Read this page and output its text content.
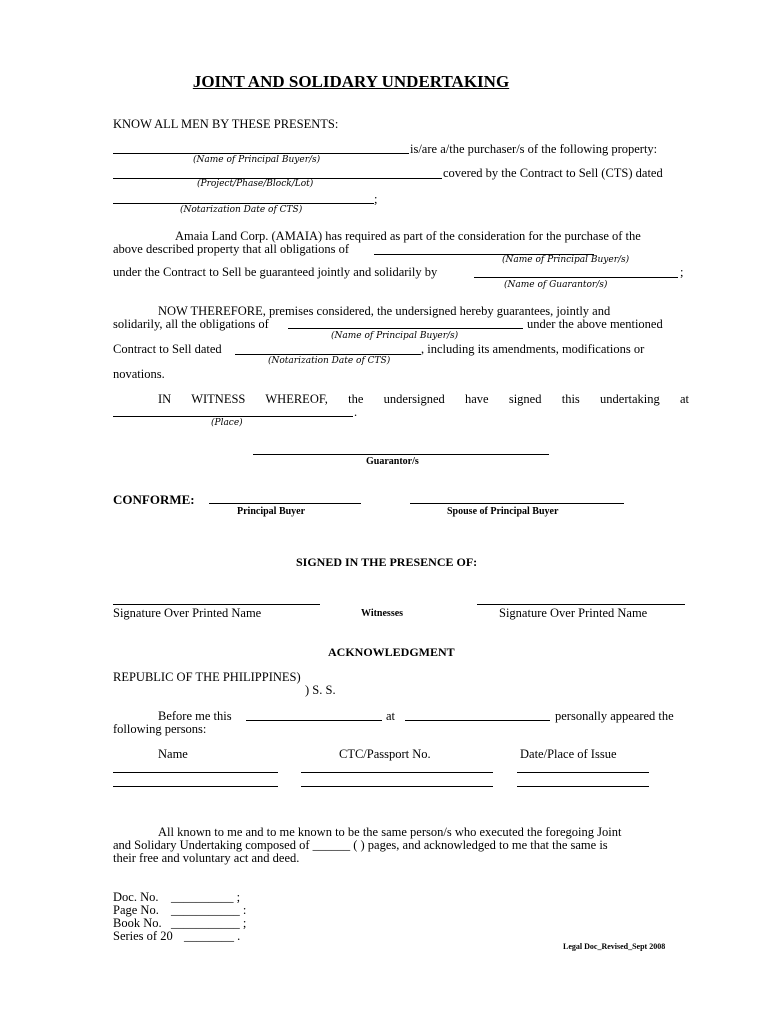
JOINT AND SOLIDARY UNDERTAKING
KNOW ALL MEN BY THESE PRESENTS:
is/are a/the purchaser/s of the following property:
(Name of Principal Buyer/s)
covered by the Contract to Sell (CTS) dated
(Project/Phase/Block/Lot)
;
(Notarization Date of CTS)
Amaia Land Corp. (AMAIA) has required as part of the consideration for the purchase of the
above described property that all obligations of
(Name of Principal Buyer/s)
under the Contract to Sell be guaranteed jointly and solidarily by	;
(Name of Guarantor/s)
NOW THEREFORE, premises considered, the undersigned hereby guarantees, jointly and
solidarily, all the obligations of	under the above mentioned
(Name of Principal Buyer/s)
Contract to Sell dated	, including its amendments, modifications or
(Notarization Date of CTS)
novations.
IN WITNESS WHEREOF, the undersigned have signed this undertaking at
.
(Place)
Guarantor/s
CONFORME:
Principal Buyer	Spouse of Principal Buyer
SIGNED IN THE PRESENCE OF:
Signature Over Printed Name	Witnesses	Signature Over Printed Name
ACKNOWLEDGMENT
REPUBLIC OF THE PHILIPPINES)
) S. S.
Before me this	at	personally appeared the
following persons:
Name	CTC/Passport No.	Date/Place of Issue
All known to me and to me known to be the same person/s who executed the foregoing Joint
and Solidary Undertaking composed of ______ ( ) pages, and acknowledged to me that the same is
their free and voluntary act and deed.
Doc. No. __________ ;
Page No. ___________ :
Book No. ___________ ;
Series of 20 ________ .
Legal Doc_Revised_Sept 2008
